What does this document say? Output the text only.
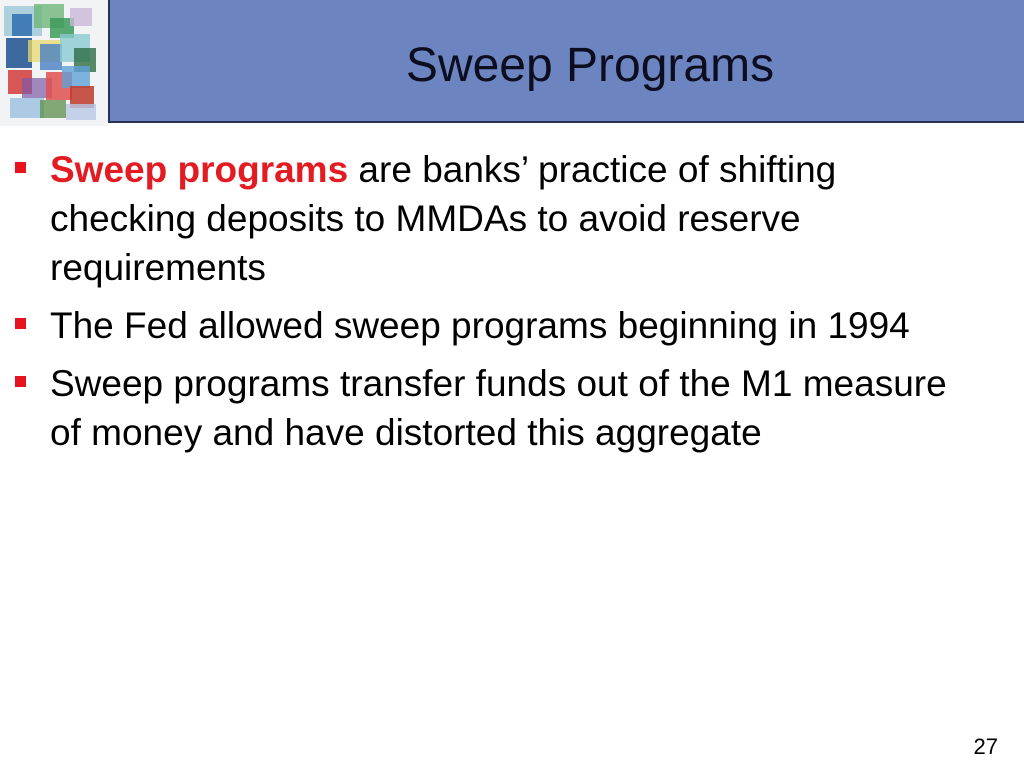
Sweep Programs
Sweep programs are banks’ practice of shifting checking deposits to MMDAs to avoid reserve requirements
The Fed allowed sweep programs beginning in 1994
Sweep programs transfer funds out of the M1 measure of money and have distorted this aggregate
27
